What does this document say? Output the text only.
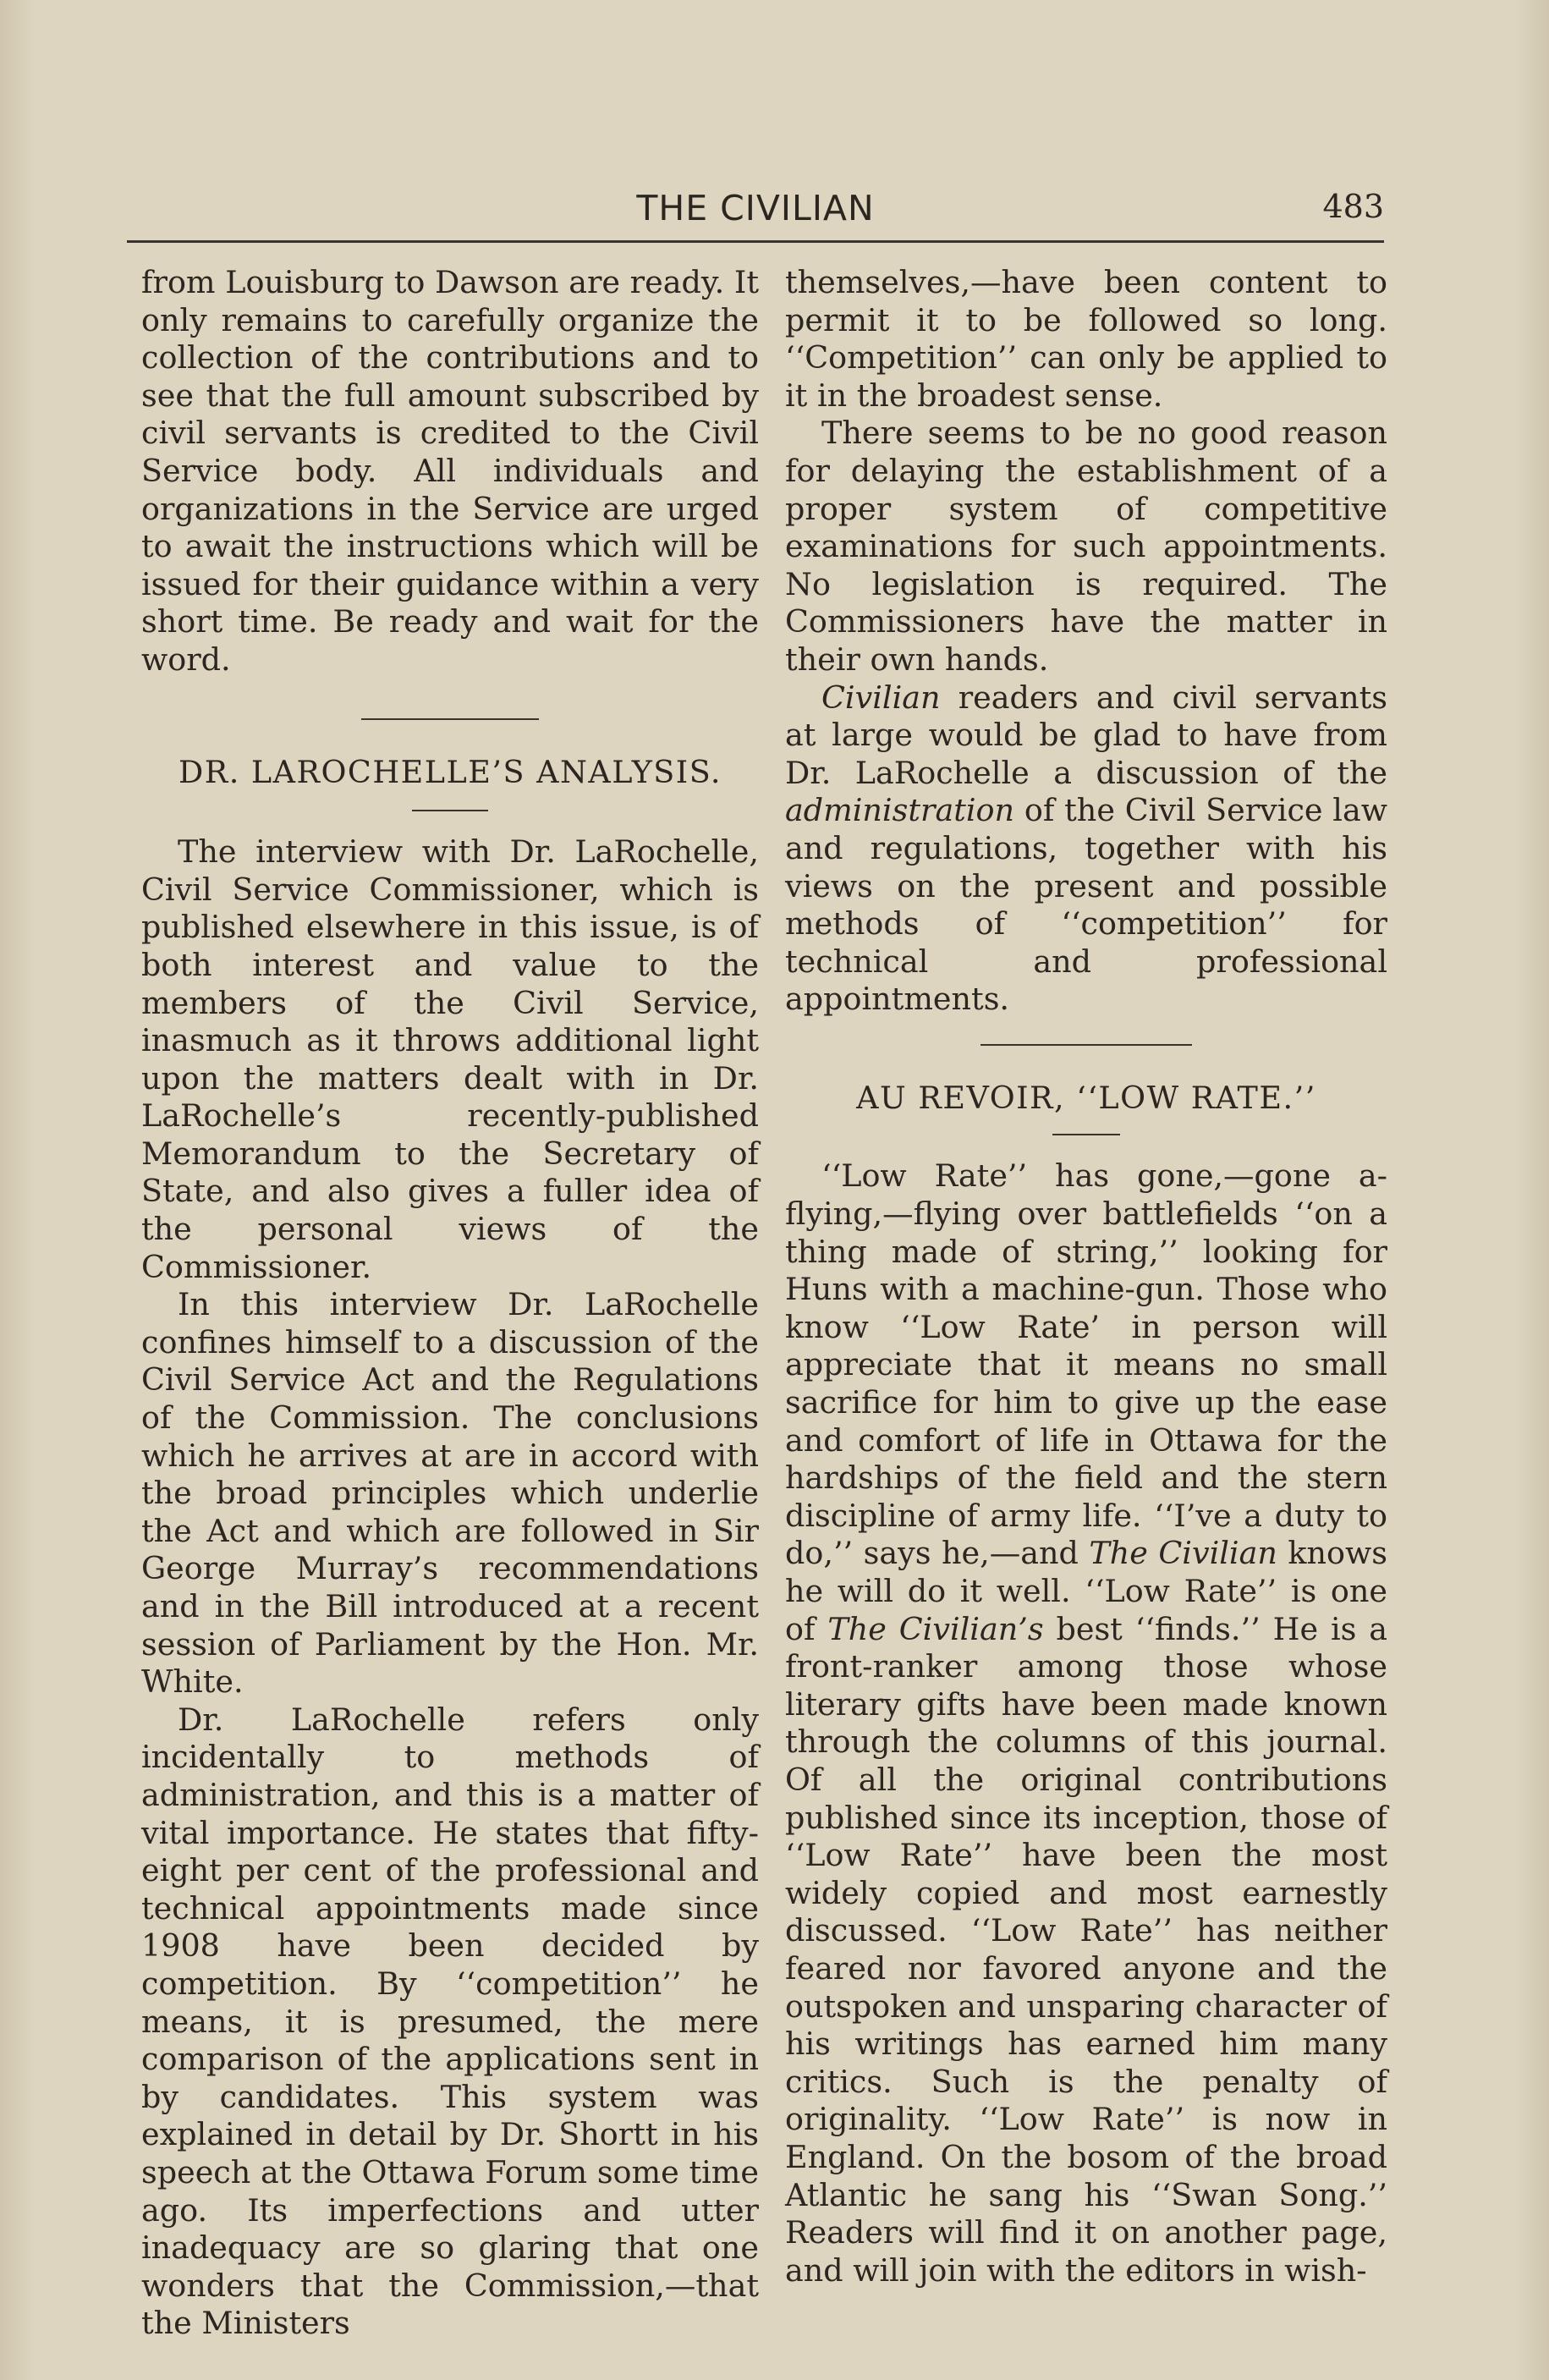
THE CIVILIAN	483

from Louisburg to Dawson are ready. It only remains to carefully organize the collection of the contributions and to see that the full amount subscribed by civil servants is credited to the Civil Service body. All individuals and organizations in the Service are urged to await the instructions which will be issued for their guidance within a very short time. Be ready and wait for the word.

DR. LAROCHELLE’S ANALYSIS.

The interview with Dr. LaRochelle, Civil Service Commissioner, which is published elsewhere in this issue, is of both interest and value to the members of the Civil Service, inasmuch as it throws additional light upon the matters dealt with in Dr. LaRochelle’s recently-published Memorandum to the Secretary of State, and also gives a fuller idea of the personal views of the Commissioner.

In this interview Dr. LaRochelle confines himself to a discussion of the Civil Service Act and the Regulations of the Commission. The conclusions which he arrives at are in accord with the broad principles which underlie the Act and which are followed in Sir George Murray’s recommendations and in the Bill introduced at a recent session of Parliament by the Hon. Mr. White.

Dr. LaRochelle refers only incidentally to methods of administration, and this is a matter of vital importance. He states that fifty-eight per cent of the professional and technical appointments made since 1908 have been decided by competition. By ‘‘competition’’ he means, it is presumed, the mere comparison of the applications sent in by candidates. This system was explained in detail by Dr. Shortt in his speech at the Ottawa Forum some time ago. Its imperfections and utter inadequacy are so glaring that one wonders that the Commission,—that the Ministers

themselves,—have been content to permit it to be followed so long. ‘‘Competition’’ can only be applied to it in the broadest sense.

There seems to be no good reason for delaying the establishment of a proper system of competitive examinations for such appointments. No legislation is required. The Commissioners have the matter in their own hands.

Civilian readers and civil servants at large would be glad to have from Dr. LaRochelle a discussion of the administration of the Civil Service law and regulations, together with his views on the present and possible methods of ‘‘competition’’ for technical and professional appointments.

AU REVOIR, ‘‘LOW RATE.’’

‘‘Low Rate’’ has gone,—gone a-flying,—flying over battlefields ‘‘on a thing made of string,’’ looking for Huns with a machine-gun. Those who know ‘‘Low Rate’ in person will appreciate that it means no small sacrifice for him to give up the ease and comfort of life in Ottawa for the hardships of the field and the stern discipline of army life. ‘‘I’ve a duty to do,’’ says he,—and The Civilian knows he will do it well. ‘‘Low Rate’’ is one of The Civilian’s best ‘‘finds.’’ He is a front-ranker among those whose literary gifts have been made known through the columns of this journal. Of all the original contributions published since its inception, those of ‘‘Low Rate’’ have been the most widely copied and most earnestly discussed. ‘‘Low Rate’’ has neither feared nor favored anyone and the outspoken and unsparing character of his writings has earned him many critics. Such is the penalty of originality. ‘‘Low Rate’’ is now in England. On the bosom of the broad Atlantic he sang his ‘‘Swan Song.’’ Readers will find it on another page, and will join with the editors in wish-
